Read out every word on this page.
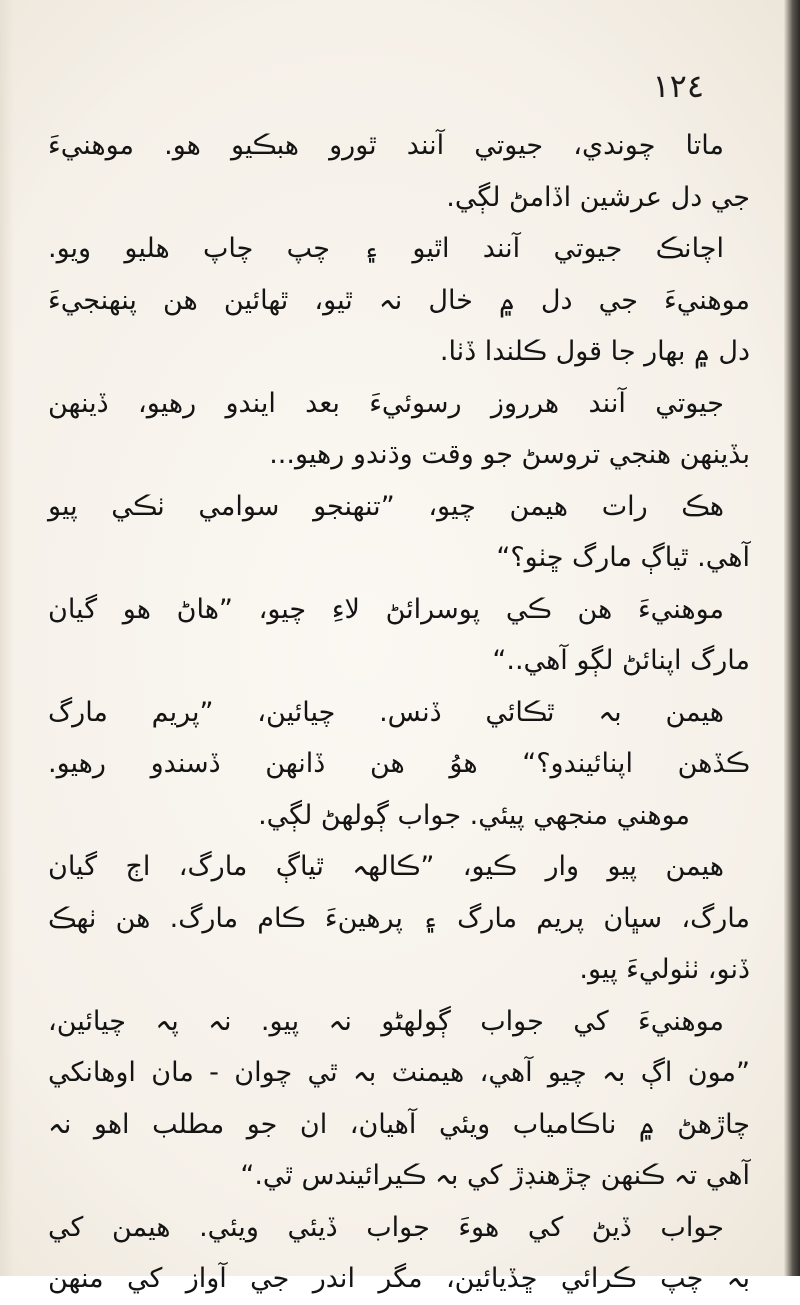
١٢٤
ماتا چوندي، جيوتي آنند ٿورو هبڪيو هو. موهنيءَ
جي دل عرشين اڏامڻ لڳي.
اچانڪ جيوتي آنند اٿيو ۽ چپ چاپ هليو ويو.
موهنيءَ جي دل ۾ خال نہ ٿيو، ٿهائين هن پنهنجيءَ
دل ۾ بهار جا قول ڪلندا ڏٺا.
جيوتي آنند هرروز رسوئيءَ بعد ايندو رهيو، ڏينهن
بڏينهن هنجي تروسڻ جو وقت وڌندو رهيو...
هڪ رات هيمن چيو، ”تنهنجو سوامي ٺڪي پيو
آهي. ٿياڳ مارگ ڇٺو؟“
موهنيءَ هن ڪي پوسرائڻ لاءِ چيو، ”هاڻ هو گيان
مارگ اپنائڻ لڳو آهي..“
هيمن بہ ٿڪائي ڏنس. چيائين، ”پريم مارگ
ڪڏهن اپنائيندو؟“ هوُ هن ڏانهن ڏسندو رهيو.
موهني منجهي پيئي. جواب ڳولهڻ لڳي.
هيمن پيو وار ڪيو، ”ڪالهہ ٿياڳ مارگ، اڄ گيان
مارگ، سڀان پريم مارگ ۽ پرهينءَ ڪام مارگ. هن ٺهڪ
ڏنو، ٺٺوليءَ پيو.
موهنيءَ کي جواب ڳولهڻو نہ پيو. نہ پہ چيائين،
”مون اڳ بہ چيو آهي، هيمنٽ بہ ٿي چوان - مان اوهانکي
چاڙهڻ ۾ ناڪامياب ويئي آهيان، ان جو مطلب اهو نہ
آهي تہ ڪنهن چڙهنڊڙ کي بہ ڪيرائيندس ٿي.“
جواب ڏيڻ کي هوءَ جواب ڏيئي ويئي. هيمن کي
بہ چپ ڪرائي ڇڏيائين، مگر اندر جي آواز کي منهن
